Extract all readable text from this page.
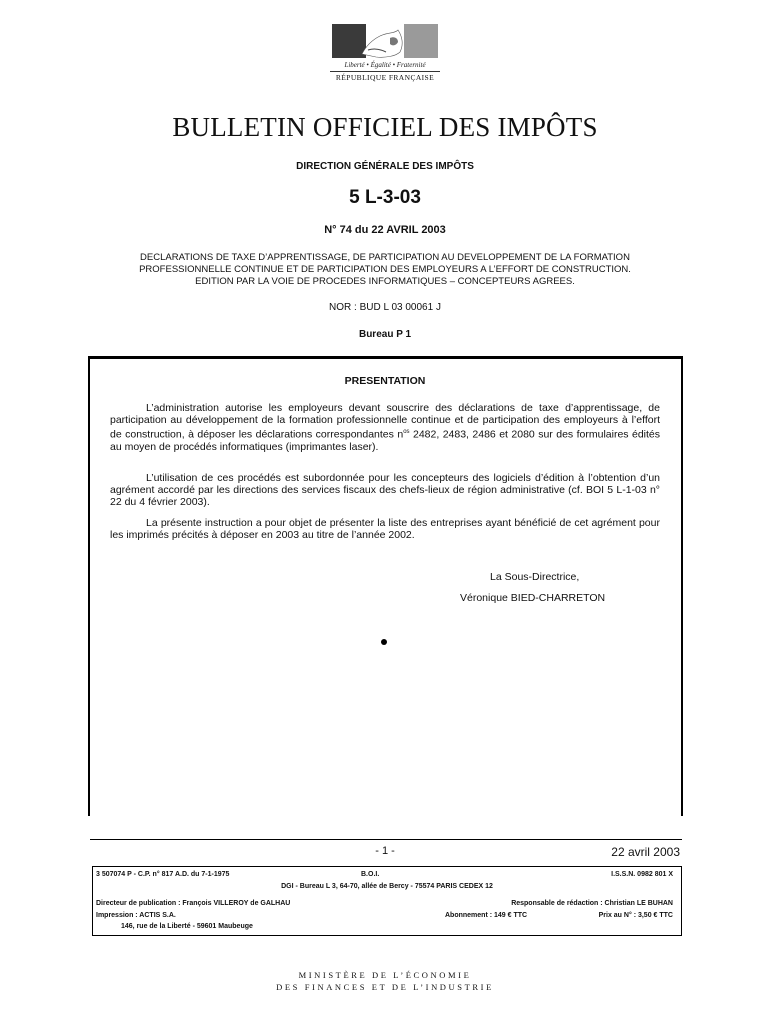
Liberté • Égalité • Fraternité
RÉPUBLIQUE FRANÇAISE
BULLETIN OFFICIEL DES IMPÔTS
DIRECTION GÉNÉRALE DES IMPÔTS
5 L-3-03
N° 74 du 22 AVRIL 2003
DECLARATIONS DE TAXE D’APPRENTISSAGE, DE PARTICIPATION AU DEVELOPPEMENT DE LA FORMATION
PROFESSIONNELLE CONTINUE ET DE PARTICIPATION DES EMPLOYEURS A L’EFFORT DE CONSTRUCTION.
EDITION PAR LA VOIE DE PROCEDES INFORMATIQUES – CONCEPTEURS AGREES.
NOR : BUD L 03 00061 J
Bureau P 1
PRESENTATION
L’administration autorise les employeurs devant souscrire des déclarations de taxe d’apprentissage, de participation au développement de la formation professionnelle continue et de participation des employeurs à l’effort de construction, à déposer les déclarations correspondantes $n^{os}$ 2482, 2483, 2486 et 2080 sur des formulaires édités au moyen de procédés informatiques (imprimantes laser).
L’utilisation de ces procédés est subordonnée pour les concepteurs des logiciels d’édition à l’obtention d’un agrément accordé par les directions des services fiscaux des chefs-lieux de région administrative (cf. BOI 5 L-1-03 n° 22 du 4 février 2003).
La présente instruction a pour objet de présenter la liste des entreprises ayant bénéficié de cet agrément pour les imprimés précités à déposer en 2003 au titre de l’année 2002.
La Sous-Directrice,
Véronique BIED-CHARRETON
- 1 -	22 avril 2003
3 507074 P - C.P. n° 817 A.D. du 7-1-1975	B.O.I.	I.S.S.N. 0982 801 X
DGI - Bureau L 3, 64-70, allée de Bercy - 75574 PARIS CEDEX 12
Directeur de publication : François VILLEROY de GALHAU	Responsable de rédaction : Christian LE BUHAN
Impression : ACTIS S.A.	Abonnement : 149 € TTC	Prix au N° : 3,50 € TTC
146, rue de la Liberté - 59601 Maubeuge
MINISTÈRE DE L’ÉCONOMIE
DES FINANCES ET DE L’INDUSTRIE
